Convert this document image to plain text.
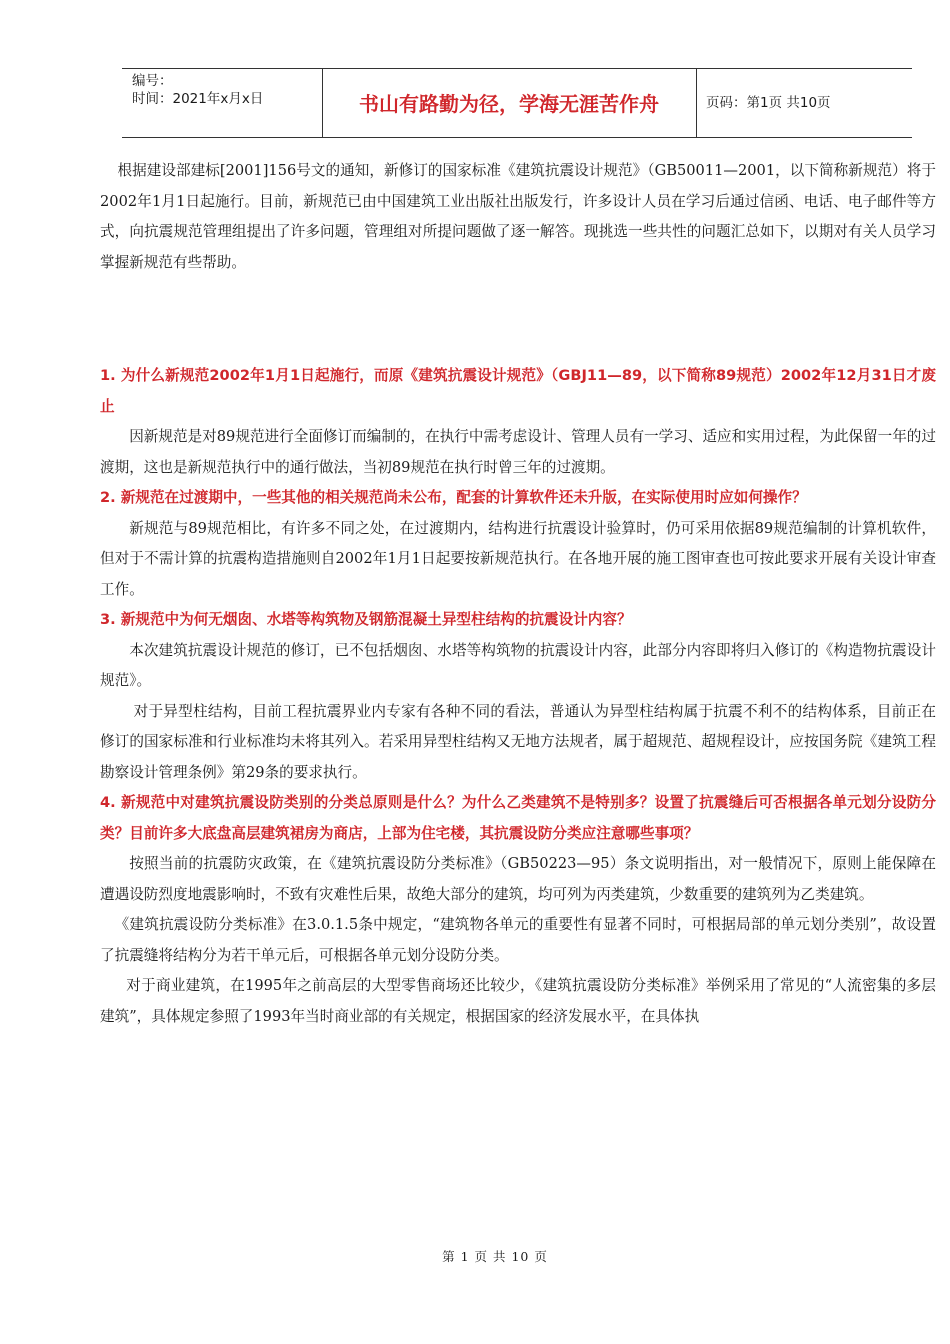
编号：
时间：2021年x月x日	书山有路勤为径，学海无涯苦作舟	页码：第1页 共10页

根据建设部建标[2001]156号文的通知，新修订的国家标准《建筑抗震设计规范》（GB50011—2001，以下简称新规范）将于2002年1月1日起施行。目前，新规范已由中国建筑工业出版社出版发行，许多设计人员在学习后通过信函、电话、电子邮件等方式，向抗震规范管理组提出了许多问题，管理组对所提问题做了逐一解答。现挑选一些共性的问题汇总如下，以期对有关人员学习掌握新规范有些帮助。

1. 为什么新规范2002年1月1日起施行，而原《建筑抗震设计规范》（GBJ11—89，以下简称89规范）2002年12月31日才废止

因新规范是对89规范进行全面修订而编制的，在执行中需考虑设计、管理人员有一学习、适应和实用过程，为此保留一年的过渡期，这也是新规范执行中的通行做法，当初89规范在执行时曾三年的过渡期。

2. 新规范在过渡期中，一些其他的相关规范尚未公布，配套的计算软件还未升版，在实际使用时应如何操作？

新规范与89规范相比，有许多不同之处，在过渡期内，结构进行抗震设计验算时，仍可采用依据89规范编制的计算机软件，但对于不需计算的抗震构造措施则自2002年1月1日起要按新规范执行。在各地开展的施工图审查也可按此要求开展有关设计审查工作。

3. 新规范中为何无烟囱、水塔等构筑物及钢筋混凝土异型柱结构的抗震设计内容？

本次建筑抗震设计规范的修订，已不包括烟囱、水塔等构筑物的抗震设计内容，此部分内容即将归入修订的《构造物抗震设计规范》。

对于异型柱结构，目前工程抗震界业内专家有各种不同的看法，普通认为异型柱结构属于抗震不利不的结构体系，目前正在修订的国家标准和行业标准均未将其列入。若采用异型柱结构又无地方法规者，属于超规范、超规程设计，应按国务院《建筑工程勘察设计管理条例》第29条的要求执行。

4. 新规范中对建筑抗震设防类别的分类总原则是什么？为什么乙类建筑不是特别多？设置了抗震缝后可否根据各单元划分设防分类？目前许多大底盘高层建筑裙房为商店，上部为住宅楼，其抗震设防分类应注意哪些事项？

按照当前的抗震防灾政策，在《建筑抗震设防分类标准》（GB50223—95）条文说明指出，对一般情况下，原则上能保障在遭遇设防烈度地震影响时，不致有灾难性后果，故绝大部分的建筑，均可列为丙类建筑，少数重要的建筑列为乙类建筑。

《建筑抗震设防分类标准》在3.0.1.5条中规定，“建筑物各单元的重要性有显著不同时，可根据局部的单元划分类别”，故设置了抗震缝将结构分为若干单元后，可根据各单元划分设防分类。

对于商业建筑，在1995年之前高层的大型零售商场还比较少，《建筑抗震设防分类标准》举例采用了常见的“人流密集的多层建筑”，具体规定参照了1993年当时商业部的有关规定，根据国家的经济发展水平，在具体执

第 1 页 共 10 页
